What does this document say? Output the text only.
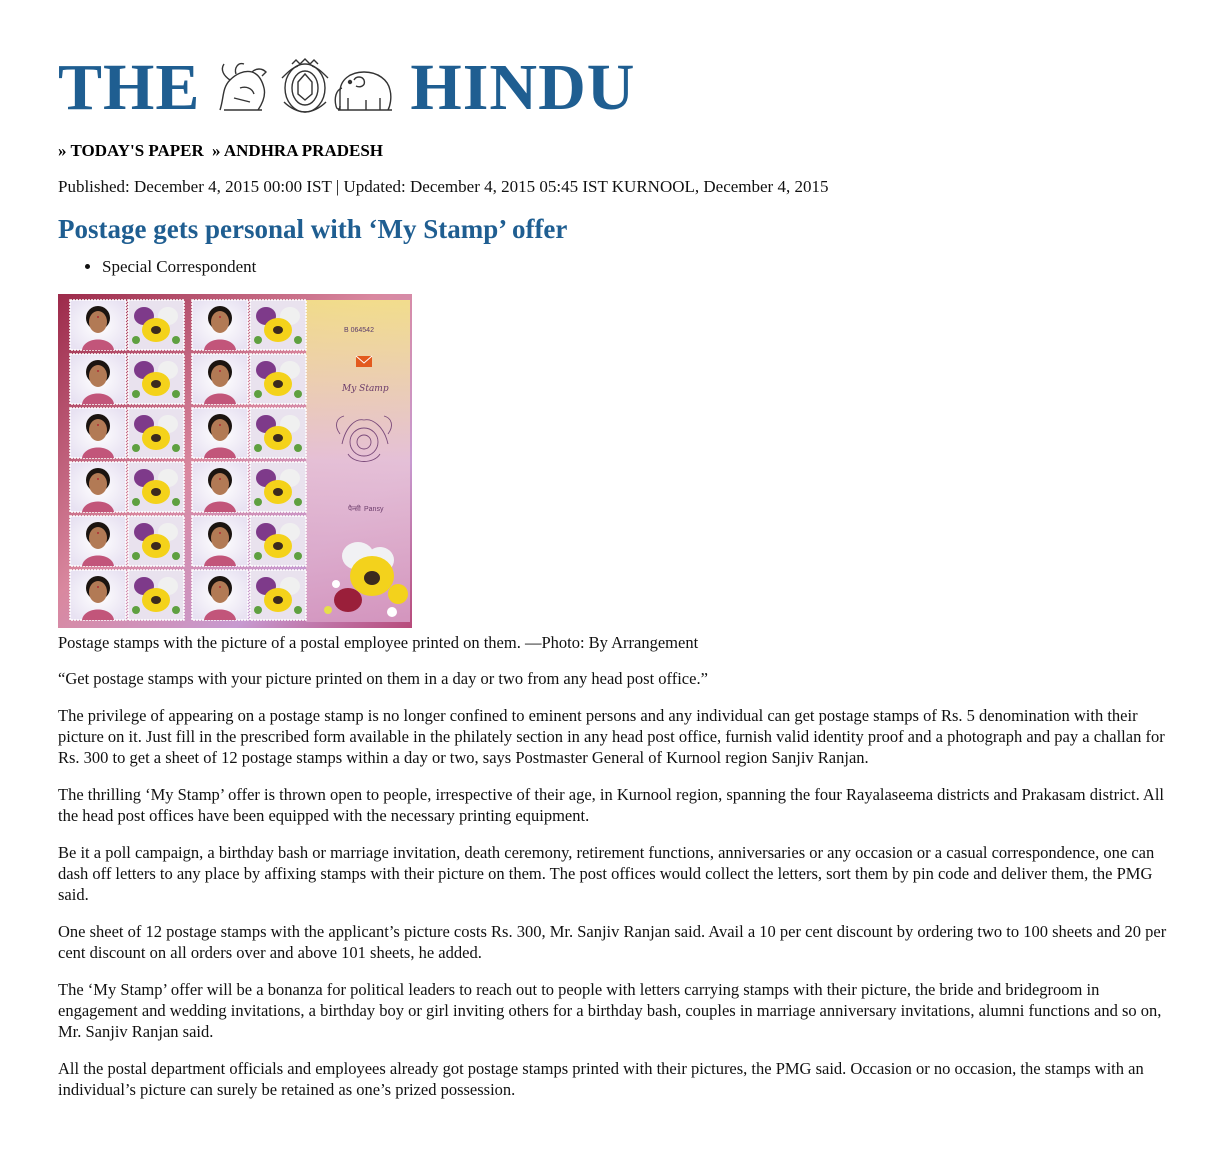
THE	HINDU
» TODAY'S PAPER » ANDHRA PRADESH
Published: December 4, 2015 00:00 IST | Updated: December 4, 2015 05:45 IST KURNOOL, December 4, 2015
Postage gets personal with ‘My Stamp’ offer
• Special Correspondent
B 064542
My Stamp
पैन्सी Pansy
Postage stamps with the picture of a postal employee printed on them. —Photo: By Arrangement

“Get postage stamps with your picture printed on them in a day or two from any head post office.”

The privilege of appearing on a postage stamp is no longer confined to eminent persons and any individual can get postage stamps of Rs. 5 denomination with their picture on it. Just fill in the prescribed form available in the philately section in any head post office, furnish valid identity proof and a photograph and pay a challan for Rs. 300 to get a sheet of 12 postage stamps within a day or two, says Postmaster General of Kurnool region Sanjiv Ranjan.

The thrilling ‘My Stamp’ offer is thrown open to people, irrespective of their age, in Kurnool region, spanning the four Rayalaseema districts and Prakasam district. All the head post offices have been equipped with the necessary printing equipment.

Be it a poll campaign, a birthday bash or marriage invitation, death ceremony, retirement functions, anniversaries or any occasion or a casual correspondence, one can dash off letters to any place by affixing stamps with their picture on them. The post offices would collect the letters, sort them by pin code and deliver them, the PMG said.

One sheet of 12 postage stamps with the applicant’s picture costs Rs. 300, Mr. Sanjiv Ranjan said. Avail a 10 per cent discount by ordering two to 100 sheets and 20 per cent discount on all orders over and above 101 sheets, he added.

The ‘My Stamp’ offer will be a bonanza for political leaders to reach out to people with letters carrying stamps with their picture, the bride and bridegroom in engagement and wedding invitations, a birthday boy or girl inviting others for a birthday bash, couples in marriage anniversary invitations, alumni functions and so on, Mr. Sanjiv Ranjan said.

All the postal department officials and employees already got postage stamps printed with their pictures, the PMG said. Occasion or no occasion, the stamps with an individual’s picture can surely be retained as one’s prized possession.
